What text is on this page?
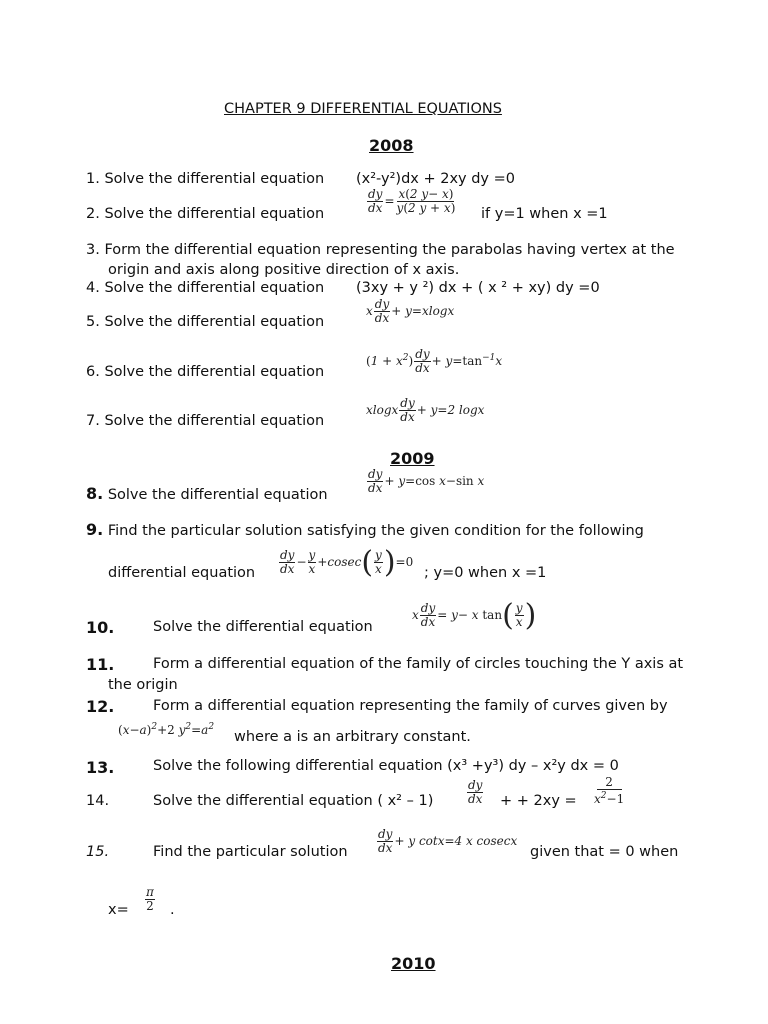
CHAPTER 9 DIFFERENTIAL EQUATIONS
2008
1. Solve the differential equation (x²-y²)dx + 2xy dy =0
2. Solve the differential equation	$\frac{dy}{dx} = \frac{x(2 y- x)}{y(2 y + x)}$ if y=1 when x =1
3. Form the differential equation representing the parabolas having vertex at the
origin and axis along positive direction of x axis.
4. Solve the differential equation (3xy + y ²) dx + ( x ² + xy) dy =0
5. Solve the differential equation
x $\frac{dy}{dx} + y=xlogx$
6. Solve the differential equation
$(1 + x^2) \frac{dy}{dx} + y=\tan^{-1}x$
7. Solve the differential equation
xlogx $\frac{dy}{dx} + y=2$ logx
2009
8. Solve the differential equation	$\frac{dy}{dx} + y=\cos$ x−sin x
9. Find the particular solution satisfying the given condition for the following
differential equation $\frac{dy}{dx} - \frac{y}{x} +cosec( \frac{y}{x} )=0$
; y=0 when x =1
10.	Solve the differential equation
x $\frac{dy}{dx} = y- x$ $\tan( \frac{y}{x}$ )
11.	Form a differential equation of the family of circles touching the Y axis at
the origin
12.	Form a differential equation representing the family of curves given by
$(x-a)^2+2$ $y^2=a^2$
where a is an arbitrary constant.
13.	Solve the following differential equation (x³ +y³) dy – x²y dx = 0
14.	Solve the differential equation ( x² – 1)	$\frac{dy}{dx}$ + + $2xy = \frac{2}{x^2-1}$
15.	Find the particular solution $\frac{dy}{dx} + y$ cotx=4 x cosecx
given that = 0 when
$x= \frac{\pi}{2}$ .
2010
